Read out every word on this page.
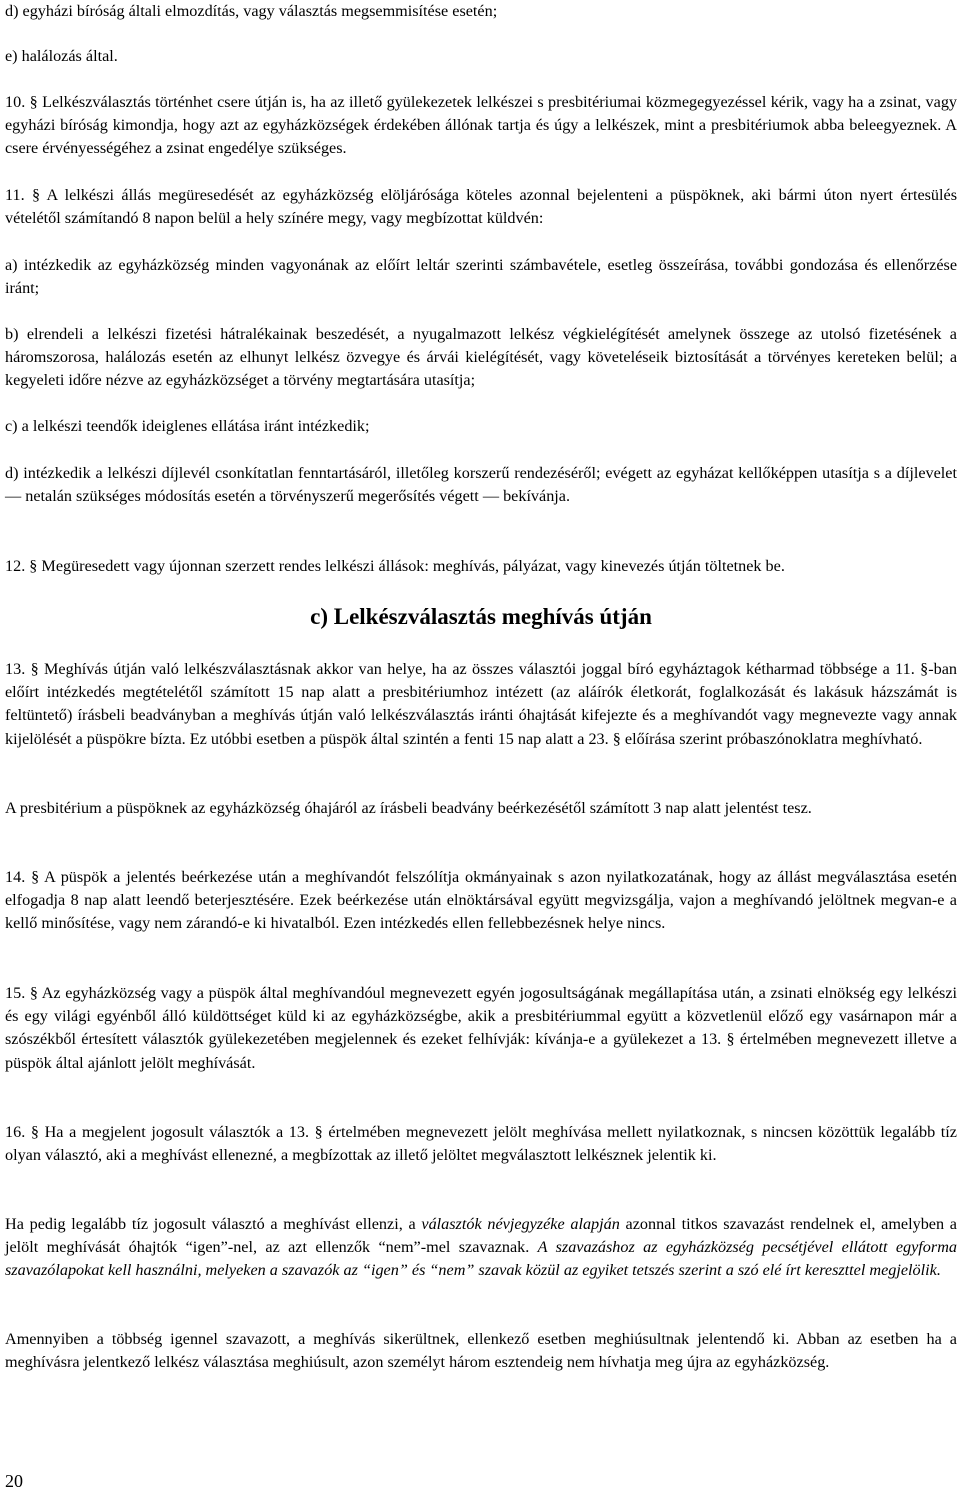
d) egyházi bíróság általi elmozdítás, vagy választás megsemmisítése esetén;

e) halálozás által.

10. § Lelkészválasztás történhet csere útján is, ha az illető gyülekezetek lelkészei s presbitériumai közmegegyezéssel kérik, vagy ha a zsinat, vagy egyházi bíróság kimondja, hogy azt az egyházközségek érdekében állónak tartja és úgy a lelkészek, mint a presbitériumok abba beleegyeznek. A csere érvényességéhez a zsinat engedélye szükséges.

11. § A lelkészi állás megüresedését az egyházközség elöljárósága köteles azonnal bejelenteni a püspöknek, aki bármi úton nyert értesülés vételétől számítandó 8 napon belül a hely színére megy, vagy megbízottat küldvén:

a) intézkedik az egyházközség minden vagyonának az előírt leltár szerinti számbavétele, esetleg összeírása, további gondozása és ellenőrzése iránt;

b) elrendeli a lelkészi fizetési hátralékainak beszedését, a nyugalmazott lelkész végkielégítését amelynek összege az utolsó fizetésének a háromszorosa, halálozás esetén az elhunyt lelkész özvegye és árvái kielégítését, vagy követeléseik biztosítását a törvényes kereteken belül; a kegyeleti időre nézve az egyházközséget a törvény megtartására utasítja;

c) a lelkészi teendők ideiglenes ellátása iránt intézkedik;

d) intézkedik a lelkészi díjlevél csonkítatlan fenntartásáról, illetőleg korszerű rendezéséről; evégett az egyházat kellőképpen utasítja s a díjlevelet — netalán szükséges módosítás esetén a törvényszerű megerősítés végett — bekívánja.

12. § Megüresedett vagy újonnan szerzett rendes lelkészi állások: meghívás, pályázat, vagy kinevezés útján töltetnek be.

c) Lelkészválasztás meghívás útján

13. § Meghívás útján való lelkészválasztásnak akkor van helye, ha az összes választói joggal bíró egyháztagok kétharmad többsége a 11. §-ban előírt intézkedés megtételétől számított 15 nap alatt a presbitériumhoz intézett (az aláírók életkorát, foglalkozását és lakásuk házszámát is feltüntető) írásbeli beadványban a meghívás útján való lelkészválasztás iránti óhajtását kifejezte és a meghívandót vagy megnevezte vagy annak kijelölését a püspökre bízta. Ez utóbbi esetben a püspök által szintén a fenti 15 nap alatt a 23. § előírása szerint próbaszónoklatra meghívható.

A presbitérium a püspöknek az egyházközség óhajáról az írásbeli beadvány beérkezésétől számított 3 nap alatt jelentést tesz.

14. § A püspök a jelentés beérkezése után a meghívandót felszólítja okmányainak s azon nyilatkozatának, hogy az állást megválasztása esetén elfogadja 8 nap alatt leendő beterjesztésére. Ezek beérkezése után elnöktársával együtt megvizsgálja, vajon a meghívandó jelöltnek megvan-e a kellő minősítése, vagy nem zárandó-e ki hivatalból. Ezen intézkedés ellen fellebbezésnek helye nincs.

15. § Az egyházközség vagy a püspök által meghívandóul megnevezett egyén jogosultságának megállapítása után, a zsinati elnökség egy lelkészi és egy világi egyénből álló küldöttséget küld ki az egyházközségbe, akik a presbitériummal együtt a közvetlenül előző egy vasárnapon már a szószékből értesített választók gyülekezetében megjelennek és ezeket felhívják: kívánja-e a gyülekezet a 13. § értelmében megnevezett illetve a püspök által ajánlott jelölt meghívását.

16. § Ha a megjelent jogosult választók a 13. § értelmében megnevezett jelölt meghívása mellett nyilatkoznak, s nincsen közöttük legalább tíz olyan választó, aki a meghívást ellenezné, a megbízottak az illető jelöltet megválasztott lelkésznek jelentik ki.

Ha pedig legalább tíz jogosult választó a meghívást ellenzi, a választók névjegyzéke alapján azonnal titkos szavazást rendelnek el, amelyben a jelölt meghívását óhajtók “igen”-nel, az azt ellenzők “nem”-mel szavaznak. A szavazáshoz az egyházközség pecsétjével ellátott egyforma szavazólapokat kell használni, melyeken a szavazók az “igen” és “nem” szavak közül az egyiket tetszés szerint a szó elé írt kereszttel megjelölik.

Amennyiben a többség igennel szavazott, a meghívás sikerültnek, ellenkező esetben meghiúsultnak jelentendő ki. Abban az esetben ha a meghívásra jelentkező lelkész választása meghiúsult, azon személyt három esztendeig nem hívhatja meg újra az egyházközség.

20
